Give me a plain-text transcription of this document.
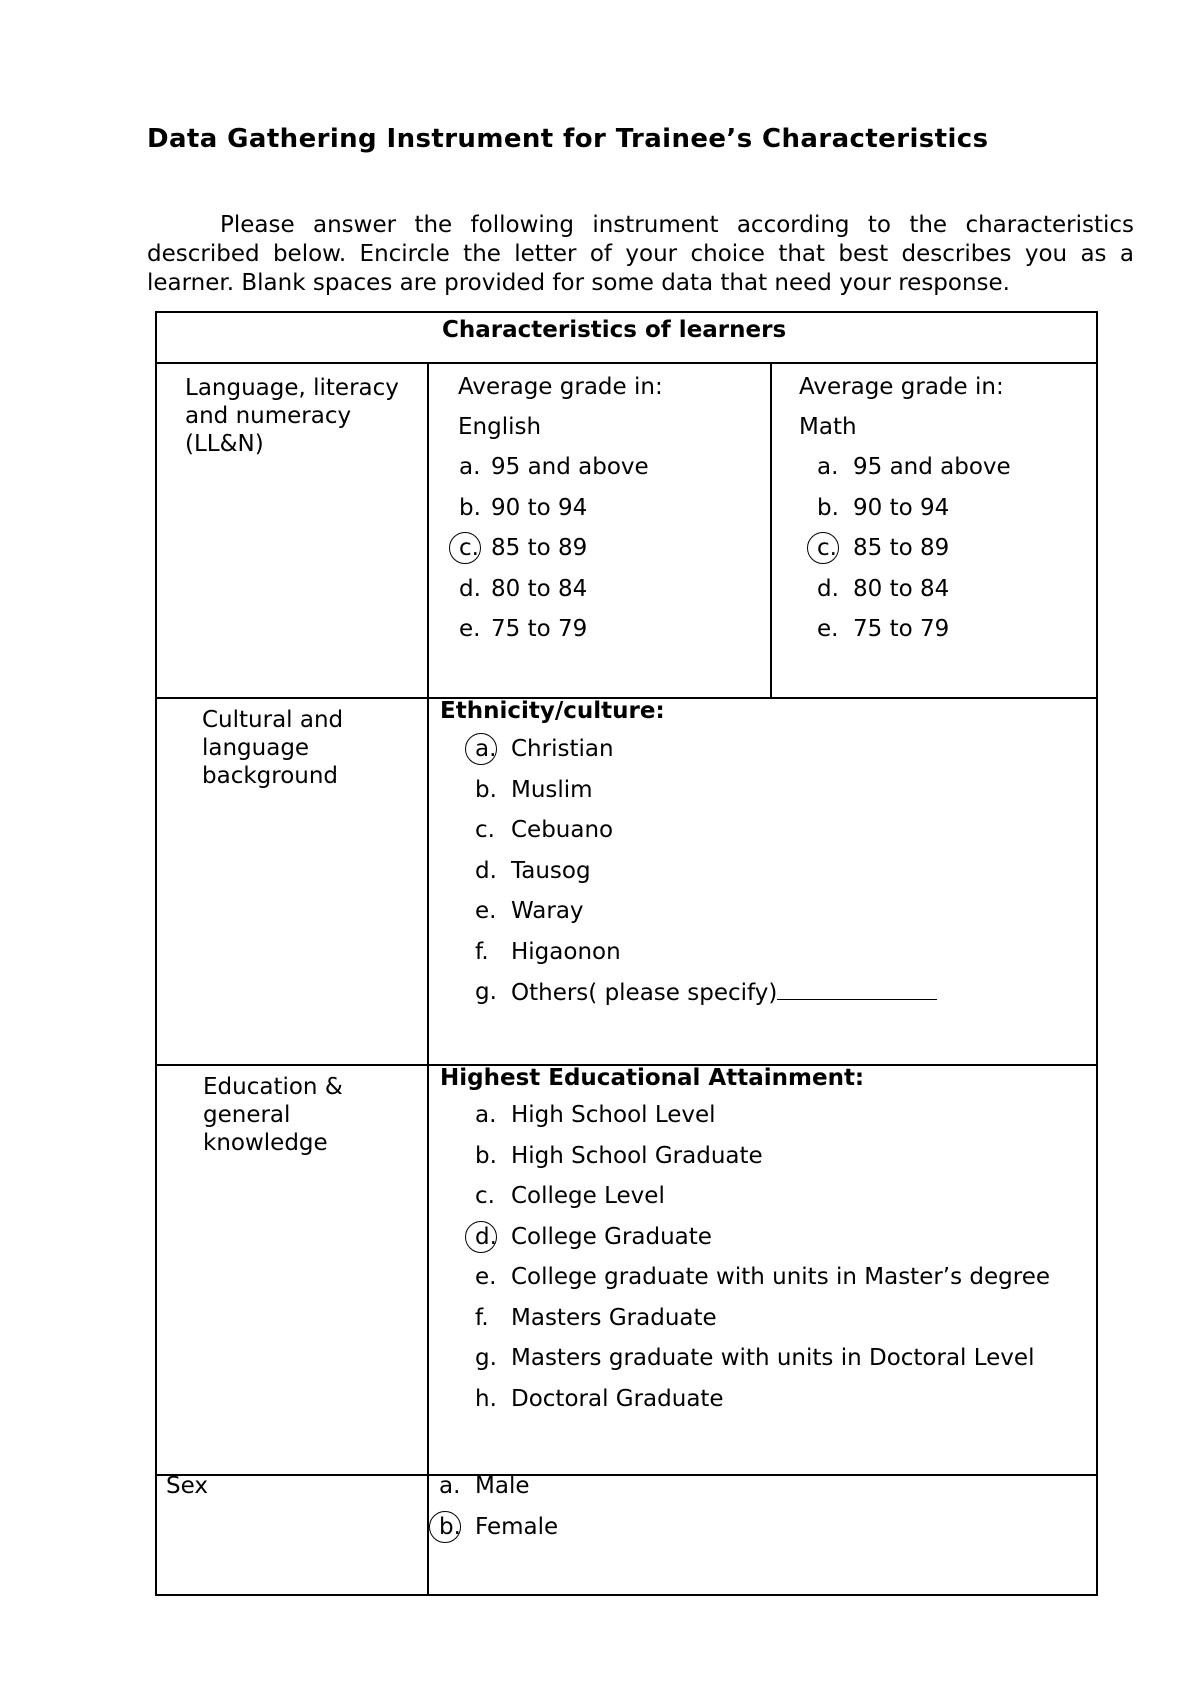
Data Gathering Instrument for Trainee’s Characteristics
Please answer the following instrument according to the characteristics described below. Encircle the letter of your choice that best describes you as a learner. Blank spaces are provided for some data that need your response.
Characteristics of learners
Language, literacy and numeracy (LL&N)
Average grade in:
English
a. 95 and above
b. 90 to 94
c. 85 to 89
d. 80 to 84
e. 75 to 79
Average grade in:
Math
a. 95 and above
b. 90 to 94
c. 85 to 89
d. 80 to 84
e. 75 to 79
Cultural and language background
Ethnicity/culture:
a. Christian
b. Muslim
c. Cebuano
d. Tausog
e. Waray
f. Higaonon
g. Others( please specify)
Education & general knowledge
Highest Educational Attainment:
a. High School Level
b. High School Graduate
c. College Level
d. College Graduate
e. College graduate with units in Master’s degree
f. Masters Graduate
g. Masters graduate with units in Doctoral Level
h. Doctoral Graduate
Sex	a. Male
b. Female
